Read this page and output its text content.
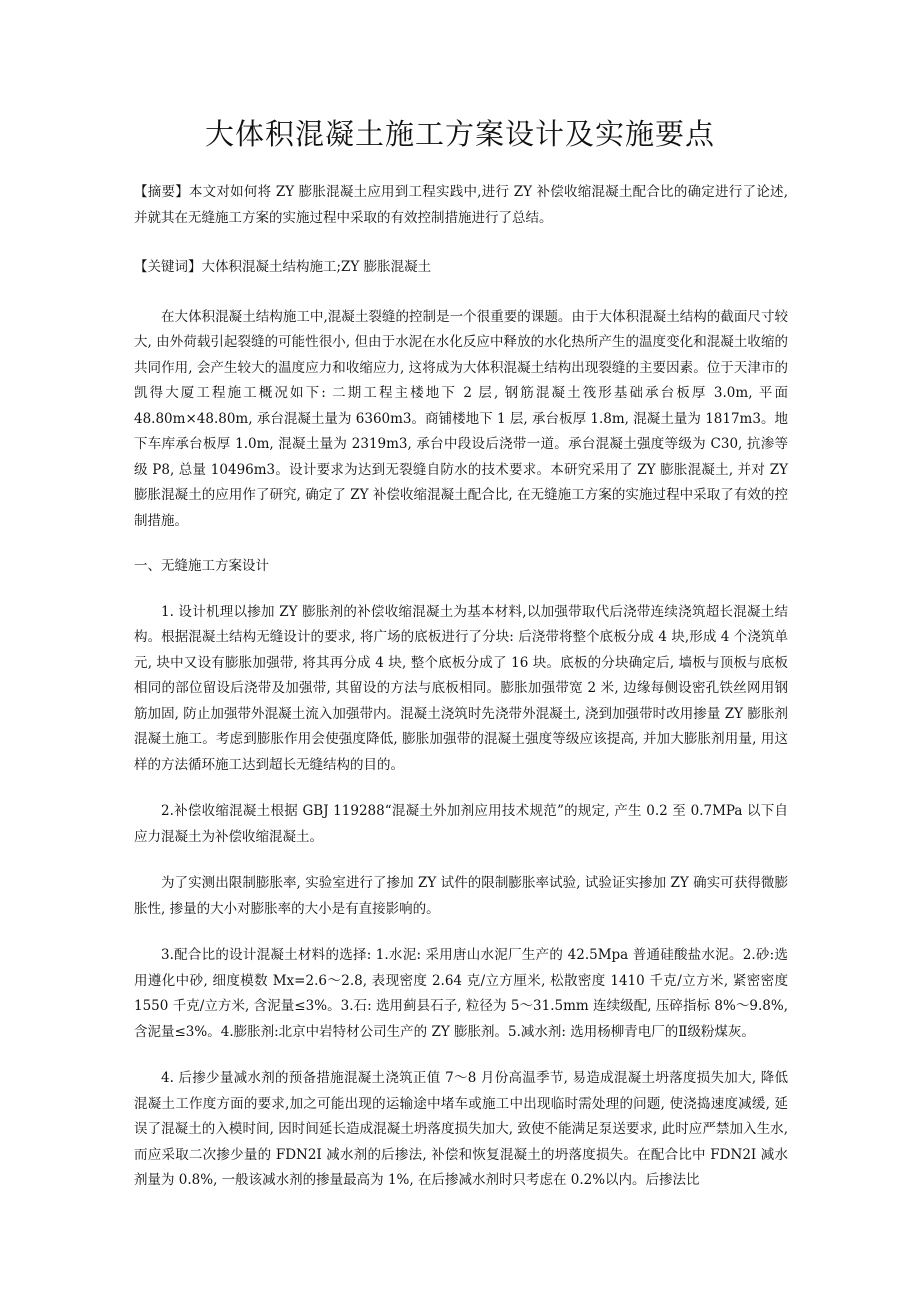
大体积混凝土施工方案设计及实施要点

【摘要】本文对如何将 ZY 膨胀混凝土应用到工程实践中,进行 ZY 补偿收缩混凝土配合比的确定进行了论述, 并就其在无缝施工方案的实施过程中采取的有效控制措施进行了总结。

【关键词】大体积混凝土结构施工;ZY 膨胀混凝土

在大体积混凝土结构施工中,混凝土裂缝的控制是一个很重要的课题。由于大体积混凝土结构的截面尺寸较大, 由外荷载引起裂缝的可能性很小, 但由于水泥在水化反应中释放的水化热所产生的温度变化和混凝土收缩的共同作用, 会产生较大的温度应力和收缩应力, 这将成为大体积混凝土结构出现裂缝的主要因素。位于天津市的凯得大厦工程施工概况如下: 二期工程主楼地下 2 层, 钢筋混凝土筏形基础承台板厚 3.0m, 平面 48.80m×48.80m, 承台混凝土量为 6360m3。商铺楼地下 1 层, 承台板厚 1.8m, 混凝土量为 1817m3。地下车库承台板厚 1.0m, 混凝土量为 2319m3, 承台中段设后浇带一道。承台混凝土强度等级为 C30, 抗渗等级 P8, 总量 10496m3。设计要求为达到无裂缝自防水的技术要求。本研究采用了 ZY 膨胀混凝土, 并对 ZY 膨胀混凝土的应用作了研究, 确定了 ZY 补偿收缩混凝土配合比, 在无缝施工方案的实施过程中采取了有效的控制措施。

一、无缝施工方案设计

1. 设计机理以掺加 ZY 膨胀剂的补偿收缩混凝土为基本材料,以加强带取代后浇带连续浇筑超长混凝土结构。根据混凝土结构无缝设计的要求, 将广场的底板进行了分块: 后浇带将整个底板分成 4 块,形成 4 个浇筑单元, 块中又设有膨胀加强带, 将其再分成 4 块, 整个底板分成了 16 块。底板的分块确定后, 墙板与顶板与底板相同的部位留设后浇带及加强带, 其留设的方法与底板相同。膨胀加强带宽 2 米, 边缘每侧设密孔铁丝网用钢筋加固, 防止加强带外混凝土流入加强带内。混凝土浇筑时先浇带外混凝土, 浇到加强带时改用掺量 ZY 膨胀剂混凝土施工。考虑到膨胀作用会使强度降低, 膨胀加强带的混凝土强度等级应该提高, 并加大膨胀剂用量, 用这样的方法循环施工达到超长无缝结构的目的。

2.补偿收缩混凝土根据 GBJ 119288“混凝土外加剂应用技术规范”的规定, 产生 0.2 至 0.7MPa 以下自应力混凝土为补偿收缩混凝土。

为了实测出限制膨胀率, 实验室进行了掺加 ZY 试件的限制膨胀率试验, 试验证实掺加 ZY 确实可获得微膨胀性, 掺量的大小对膨胀率的大小是有直接影响的。

3.配合比的设计混凝土材料的选择: 1.水泥: 采用唐山水泥厂生产的 42.5Mpa 普通硅酸盐水泥。2.砂:选用遵化中砂, 细度模数 Mx=2.6～2.8, 表现密度 2.64 克/立方厘米, 松散密度 1410 千克/立方米, 紧密密度 1550 千克/立方米, 含泥量≤3%。3.石: 选用蓟县石子, 粒径为 5～31.5mm 连续级配, 压碎指标 8%～9.8%, 含泥量≤3%。4.膨胀剂:北京中岩特材公司生产的 ZY 膨胀剂。5.减水剂: 选用杨柳青电厂的Ⅱ级粉煤灰。

4. 后掺少量减水剂的预备措施混凝土浇筑正值 7～8 月份高温季节, 易造成混凝土坍落度损失加大, 降低混凝土工作度方面的要求,加之可能出现的运输途中堵车或施工中出现临时需处理的问题, 使浇捣速度减缓, 延误了混凝土的入模时间, 因时间延长造成混凝土坍落度损失加大, 致使不能满足泵送要求, 此时应严禁加入生水, 而应采取二次掺少量的 FDN2I 减水剂的后掺法, 补偿和恢复混凝土的坍落度损失。在配合比中 FDN2I 减水剂量为 0.8%, 一般该减水剂的掺量最高为 1%, 在后掺减水剂时只考虑在 0.2%以内。后掺法比
